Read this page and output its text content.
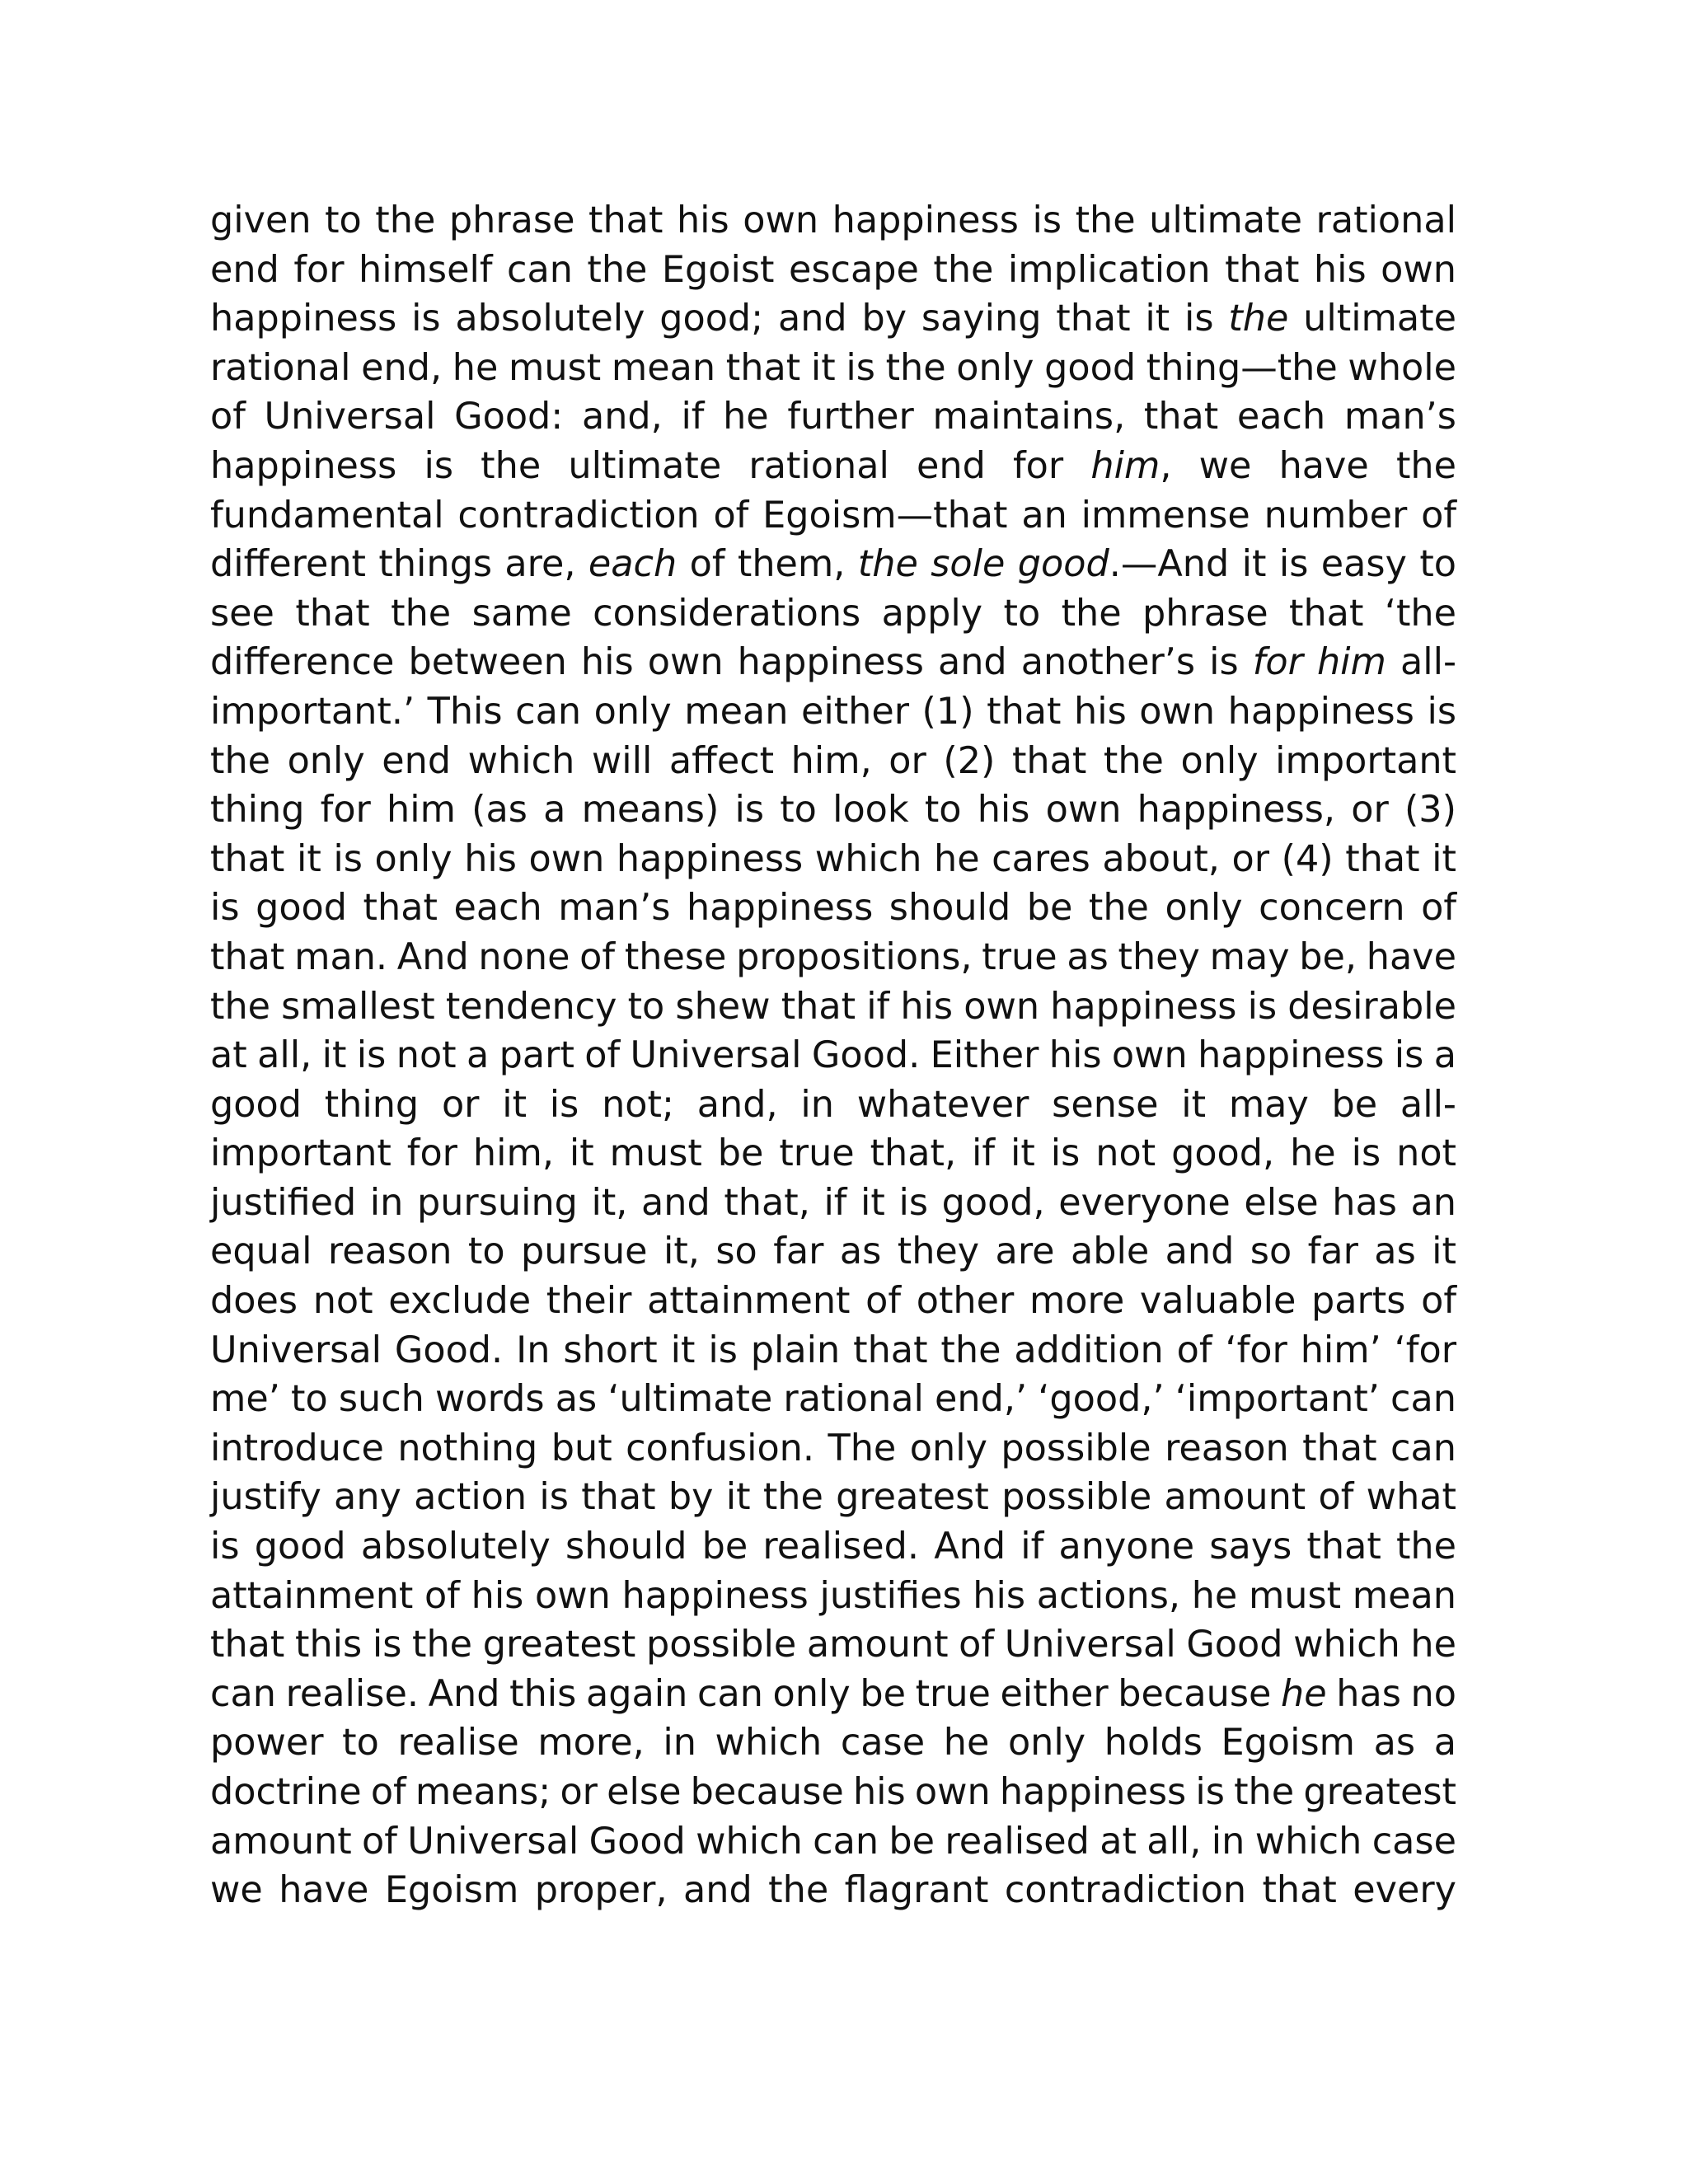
given to the phrase that his own happiness is the ultimate rational
end for himself can the Egoist escape the implication that his own
happiness is absolutely good; and by saying that it is the ultimate
rational end, he must mean that it is the only good thing—the whole
of Universal Good: and, if he further maintains, that each man’s
happiness is the ultimate rational end for him, we have the
fundamental contradiction of Egoism—that an immense number of
different things are, each of them, the sole good.—And it is easy to
see that the same considerations apply to the phrase that ‘the
difference between his own happiness and another’s is for him all-
important.’ This can only mean either (1) that his own happiness is
the only end which will affect him, or (2) that the only important
thing for him (as a means) is to look to his own happiness, or (3)
that it is only his own happiness which he cares about, or (4) that it
is good that each man’s happiness should be the only concern of
that man. And none of these propositions, true as they may be, have
the smallest tendency to shew that if his own happiness is desirable
at all, it is not a part of Universal Good. Either his own happiness is a
good thing or it is not; and, in whatever sense it may be all-
important for him, it must be true that, if it is not good, he is not
justified in pursuing it, and that, if it is good, everyone else has an
equal reason to pursue it, so far as they are able and so far as it
does not exclude their attainment of other more valuable parts of
Universal Good. In short it is plain that the addition of ‘for him’ ‘for
me’ to such words as ‘ultimate rational end,’ ‘good,’ ‘important’ can
introduce nothing but confusion. The only possible reason that can
justify any action is that by it the greatest possible amount of what
is good absolutely should be realised. And if anyone says that the
attainment of his own happiness justifies his actions, he must mean
that this is the greatest possible amount of Universal Good which he
can realise. And this again can only be true either because he has no
power to realise more, in which case he only holds Egoism as a
doctrine of means; or else because his own happiness is the greatest
amount of Universal Good which can be realised at all, in which case
we have Egoism proper, and the flagrant contradiction that every
